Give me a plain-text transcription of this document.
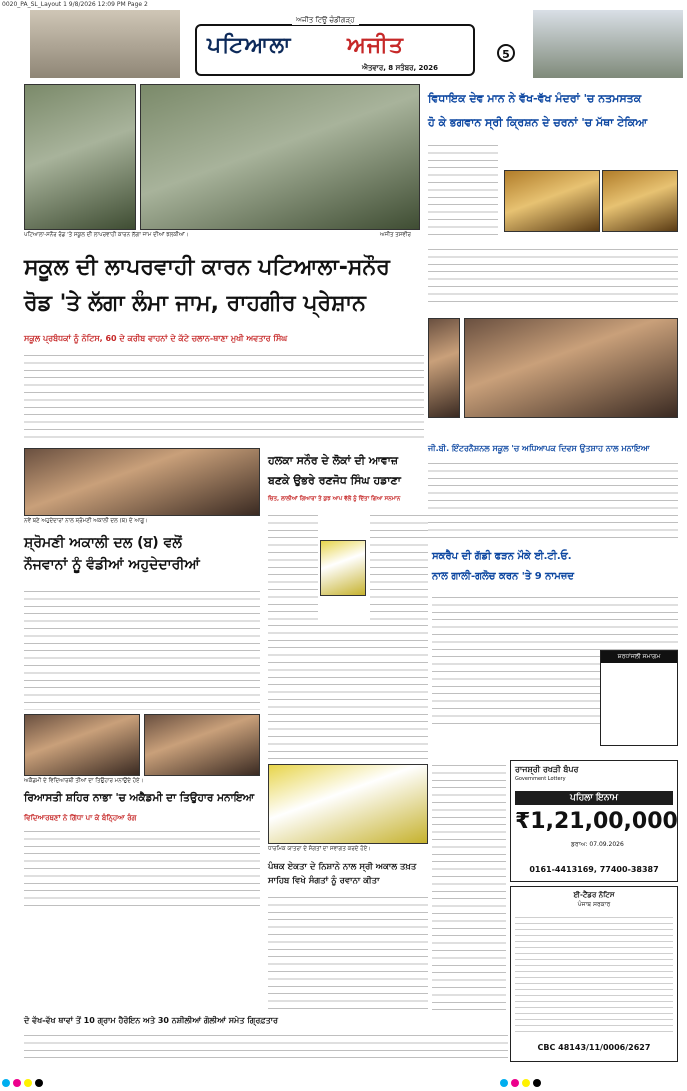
0020_PA_SL_Layout 1 9/8/2026 12:09 PM Page 2
ਅਜੀਤ ਟਿਊ ਚੰਡੀਗੜ੍ਹ
ਪਟਿਆਲਾ	ਅਜੀਤ
ਐਤਵਾਰ, 8 ਸਤੰਬਰ, 2026
5
ਪਟਿਆਲਾ-ਸਨੌਰ ਰੋਡ 'ਤੇ ਸਕੂਲ ਦੀ ਲਾਪਰਵਾਹੀ ਕਾਰਨ ਲੱਗਾ ਜਾਮ ਦੀਆਂ ਝਲਕੀਆਂ।	ਅਜੀਤ ਤਸਵੀਰ
ਸਕੂਲ ਦੀ ਲਾਪਰਵਾਹੀ ਕਾਰਨ ਪਟਿਆਲਾ-ਸਨੌਰ
ਰੋਡ 'ਤੇ ਲੱਗਾ ਲੰਮਾ ਜਾਮ, ਰਾਹਗੀਰ ਪ੍ਰੇਸ਼ਾਨ
ਸਕੂਲ ਪ੍ਰਬੰਧਕਾਂ ਨੂੰ ਨੋਟਿਸ, 60 ਦੇ ਕਰੀਬ ਵਾਹਨਾਂ ਦੇ ਕੱਟੇ ਚਲਾਨ-ਥਾਣਾ ਮੁਖੀ ਅਵਤਾਰ ਸਿੰਘ
ਵਿਧਾਇਕ ਦੇਵ ਮਾਨ ਨੇ ਵੱਖ-ਵੱਖ ਮੰਦਰਾਂ 'ਚ ਨਤਮਸਤਕ
ਹੋ ਕੇ ਭਗਵਾਨ ਸ੍ਰੀ ਕ੍ਰਿਸ਼ਨ ਦੇ ਚਰਨਾਂ 'ਚ ਮੱਥਾ ਟੇਕਿਆ
ਜੀ.ਬੀ. ਇੰਟਰਨੈਸ਼ਨਲ ਸਕੂਲ 'ਚ ਅਧਿਆਪਕ ਦਿਵਸ ਉਤਸ਼ਾਹ ਨਾਲ ਮਨਾਇਆ
ਨਵੇਂ ਬਣੇ ਅਹੁਦੇਦਾਰਾਂ ਨਾਲ ਸ਼੍ਰੋਮਣੀ ਅਕਾਲੀ ਦਲ (ਬ) ਦੇ ਆਗੂ।
ਹਲਕਾ ਸਨੌਰ ਦੇ ਲੋਕਾਂ ਦੀ ਆਵਾਜ਼
ਬਣਕੇ ਉਭਰੇ ਰਣਜੋਧ ਸਿੰਘ ਹਡਾਣਾ
ਚਿਤ, ਲਾਲੀਆਂ ਗਿਆਰਾ ਤੇ ਕੁਝ ਆਪ ਵੱਲੋਂ ਨੂੰ ਦਿੱਤਾ ਗਿਆ ਸਨਮਾਨ
ਸ਼੍ਰੋਮਣੀ ਅਕਾਲੀ ਦਲ (ਬ) ਵਲੋਂ
ਨੌਜਵਾਨਾਂ ਨੂੰ ਵੰਡੀਆਂ ਅਹੁਦੇਦਾਰੀਆਂ
ਸਕਰੈਪ ਦੀ ਗੱਡੀ ਫੜਨ ਮੌਕੇ ਈ.ਟੀ.ਓ.
ਨਾਲ ਗਾਲੀ-ਗਲੋਚ ਕਰਨ 'ਤੇ 9 ਨਾਮਜ਼ਦ
ਸ਼ਰਧਾਂਜਲੀ ਸਮਾਗਮ
ਅਕੈਡਮੀ ਦੇ ਵਿਦਿਆਰਥੀ ਤੀਆਂ ਦਾ ਤਿਉਹਾਰ ਮਨਾਉਂਦੇ ਹੋਏ।
ਰਿਆਸਤੀ ਸ਼ਹਿਰ ਨਾਭਾ 'ਚ ਅਕੈਡਮੀ ਦਾ ਤਿਉਹਾਰ ਮਨਾਇਆ
ਵਿਦਿਆਰਥਣਾਂ ਨੇ ਗਿੱਧਾ ਪਾ ਕੇ ਬੰਨ੍ਹਿਆ ਰੰਗ
ਧਾਰਮਿਕ ਯਾਤਰਾ ਦੇ ਸੰਗਤਾਂ ਦਾ ਸਵਾਗਤ ਕਰਦੇ ਹੋਏ।
ਪੰਥਕ ਏਕਤਾ ਦੇ ਨਿਸ਼ਾਨੇ ਨਾਲ ਸ੍ਰੀ ਅਕਾਲ ਤਖ਼ਤ
ਸਾਹਿਬ ਵਿਖੇ ਸੰਗਤਾਂ ਨੂੰ ਰਵਾਨਾ ਕੀਤਾ
ਰਾਜਸ਼੍ਰੀ ਰਖੜੀ ਬੰਪਰ
Government Lottery
ਪਹਿਲਾ ਇਨਾਮ
₹1,21,00,000
ਡਰਾਅ: 07.09.2026
0161-4413169, 77400-38387
ਈ-ਟੈਂਡਰ ਨੋਟਿਸ
ਪੰਜਾਬ ਸਰਕਾਰ
CBC 48143/11/0006/2627
ਦੋ ਵੱਖ-ਵੱਖ ਥਾਵਾਂ ਤੋਂ 10 ਗ੍ਰਾਮ ਹੈਰੋਇਨ ਅਤੇ 30 ਨਸ਼ੀਲੀਆਂ ਗੋਲੀਆਂ ਸਮੇਤ ਗ੍ਰਿਫ਼ਤਾਰ
